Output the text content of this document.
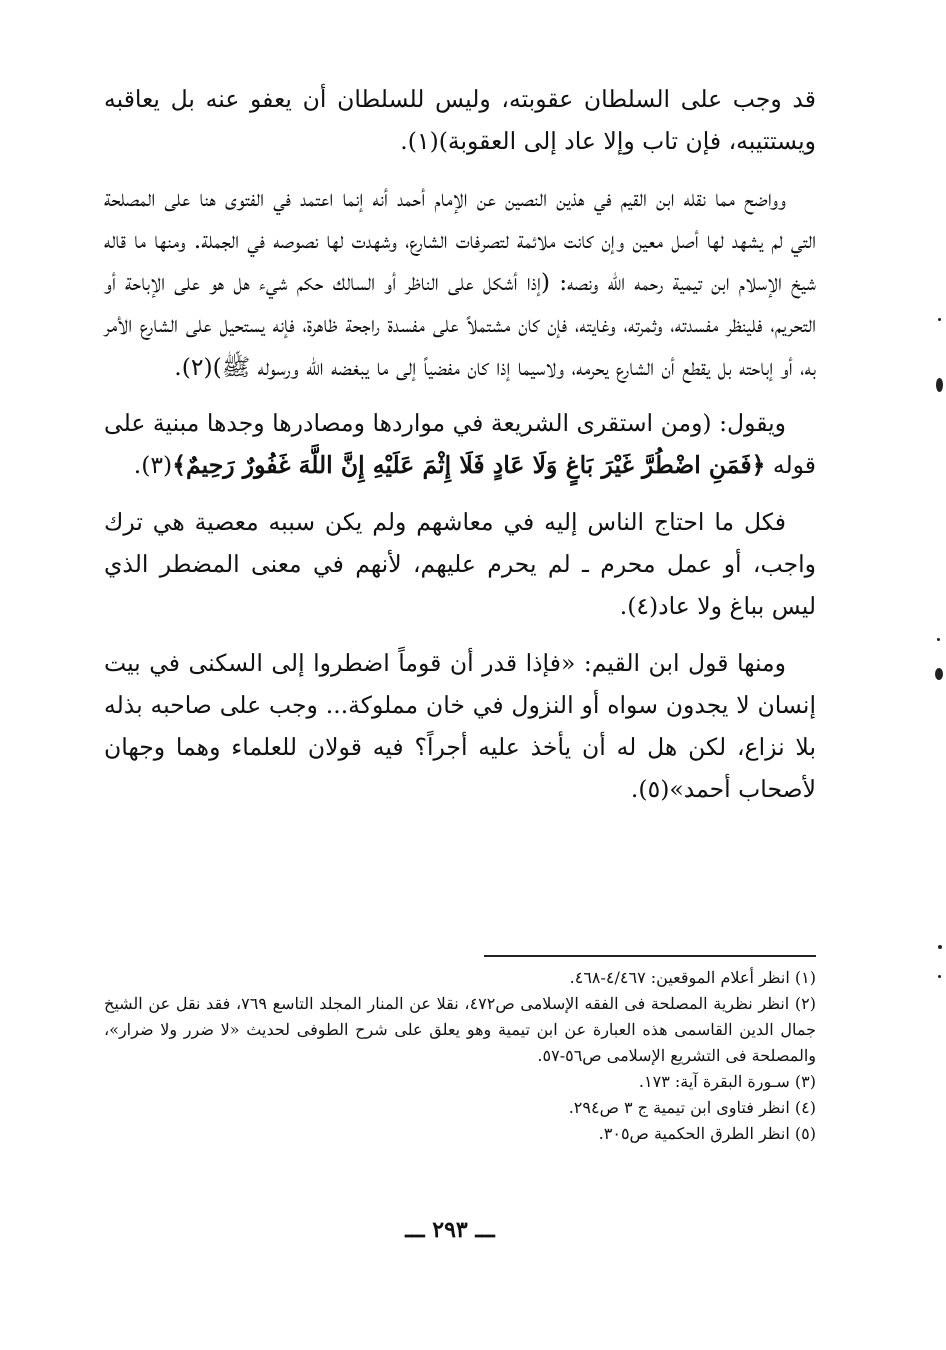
قد وجب على السلطان عقوبته، وليس للسلطان أن يعفو عنه بل يعاقبه ويستتيبه، فإن تاب وإلا عاد إلى العقوبة)(١).

وواضح مما نقله ابن القيم في هذين النصين عن الإمام أحمد أنه إنما اعتمد في الفتوى هنا على المصلحة التي لم يشهد لها أصل معين وإن كانت ملائمة لتصرفات الشارع، وشهدت لها نصوصه في الجملة. ومنها ما قاله شيخ الإسلام ابن تيمية رحمه الله ونصه: (إذا أشكل على الناظر أو السالك حكم شيء هل هو على الإباحة أو التحريم، فلينظر مفسدته، وثمرته، وغايته، فإن كان مشتملاً على مفسدة راجحة ظاهرة، فإنه يستحيل على الشارع الأمر به، أو إباحته بل يقطع أن الشارع يحرمه، ولاسيما إذا كان مفضياً إلى ما يبغضه الله ورسوله ﷺ)(٢).

ويقول: (ومن استقرى الشريعة في مواردها ومصادرها وجدها مبنية على قوله ﴿فَمَنِ اضْطُرَّ غَيْرَ بَاغٍ وَلَا عَادٍ فَلَا إِثْمَ عَلَيْهِ إِنَّ اللَّهَ غَفُورٌ رَحِيمٌ﴾(٣).

فكل ما احتاج الناس إليه في معاشهم ولم يكن سببه معصية هي ترك واجب، أو عمل محرم ـ لم يحرم عليهم، لأنهم في معنى المضطر الذي ليس بباغ ولا عاد(٤).

ومنها قول ابن القيم: «فإذا قدر أن قوماً اضطروا إلى السكنى في بيت إنسان لا يجدون سواه أو النزول في خان مملوكة... وجب على صاحبه بذله بلا نزاع، لكن هل له أن يأخذ عليه أجراً؟ فيه قولان للعلماء وهما وجهان لأصحاب أحمد»(٥).

(١) انظر أعلام الموقعين: ٤/٤٦٧-٤٦٨.
(٢) انظر نظرية المصلحة فى الفقه الإسلامى ص٤٧٢، نقلا عن المنار المجلد التاسع ٧٦٩، فقد نقل عن الشيخ جمال الدين القاسمى هذه العبارة عن ابن تيمية وهو يعلق على شرح الطوفى لحديث «لا ضرر ولا ضرار»، والمصلحة فى التشريع الإسلامى ص٥٦-٥٧.
(٣) سـورة البقرة آية: ١٧٣.
(٤) انظر فتاوى ابن تيمية ج ٣ ص٢٩٤.
(٥) انظر الطرق الحكمية ص٣٠٥.
ـــ ٢٩٣ ـــ
